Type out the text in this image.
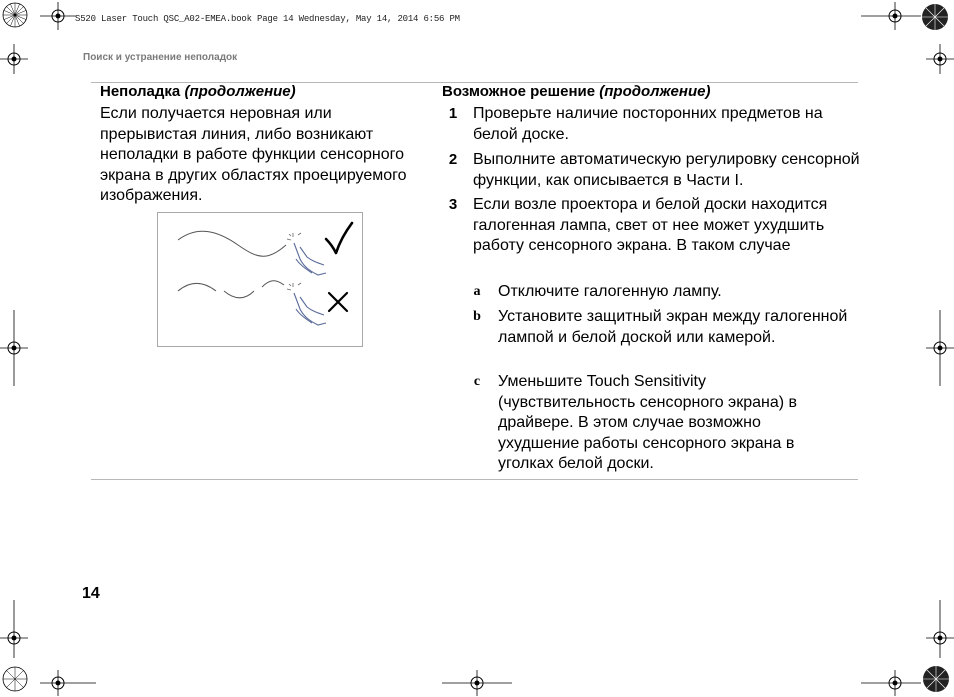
S520 Laser Touch QSC_A02-EMEA.book Page 14 Wednesday, May 14, 2014 6:56 PM
Поиск и устранение неполадок
Неполадка (продолжение)	Возможное решение (продолжение)
Если получается неровная или прерывистая линия, либо возникают неполадки в работе функции сенсорного экрана в других областях проецируемого изображения.
1 Проверьте наличие посторонних предметов на белой доске.
2 Выполните автоматическую регулировку сенсорной функции, как описывается в Части I.
3 Если возле проектора и белой доски находится галогенная лампа, свет от нее может ухудшить работу сенсорного экрана. В таком случае
a Отключите галогенную лампу.
b Установите защитный экран между галогенной лампой и белой доской или камерой.
c	Уменьшите Touch Sensitivity (чувствительность сенсорного экрана) в драйвере. В этом случае возможно ухудшение работы сенсорного экрана в уголках белой доски.
14
